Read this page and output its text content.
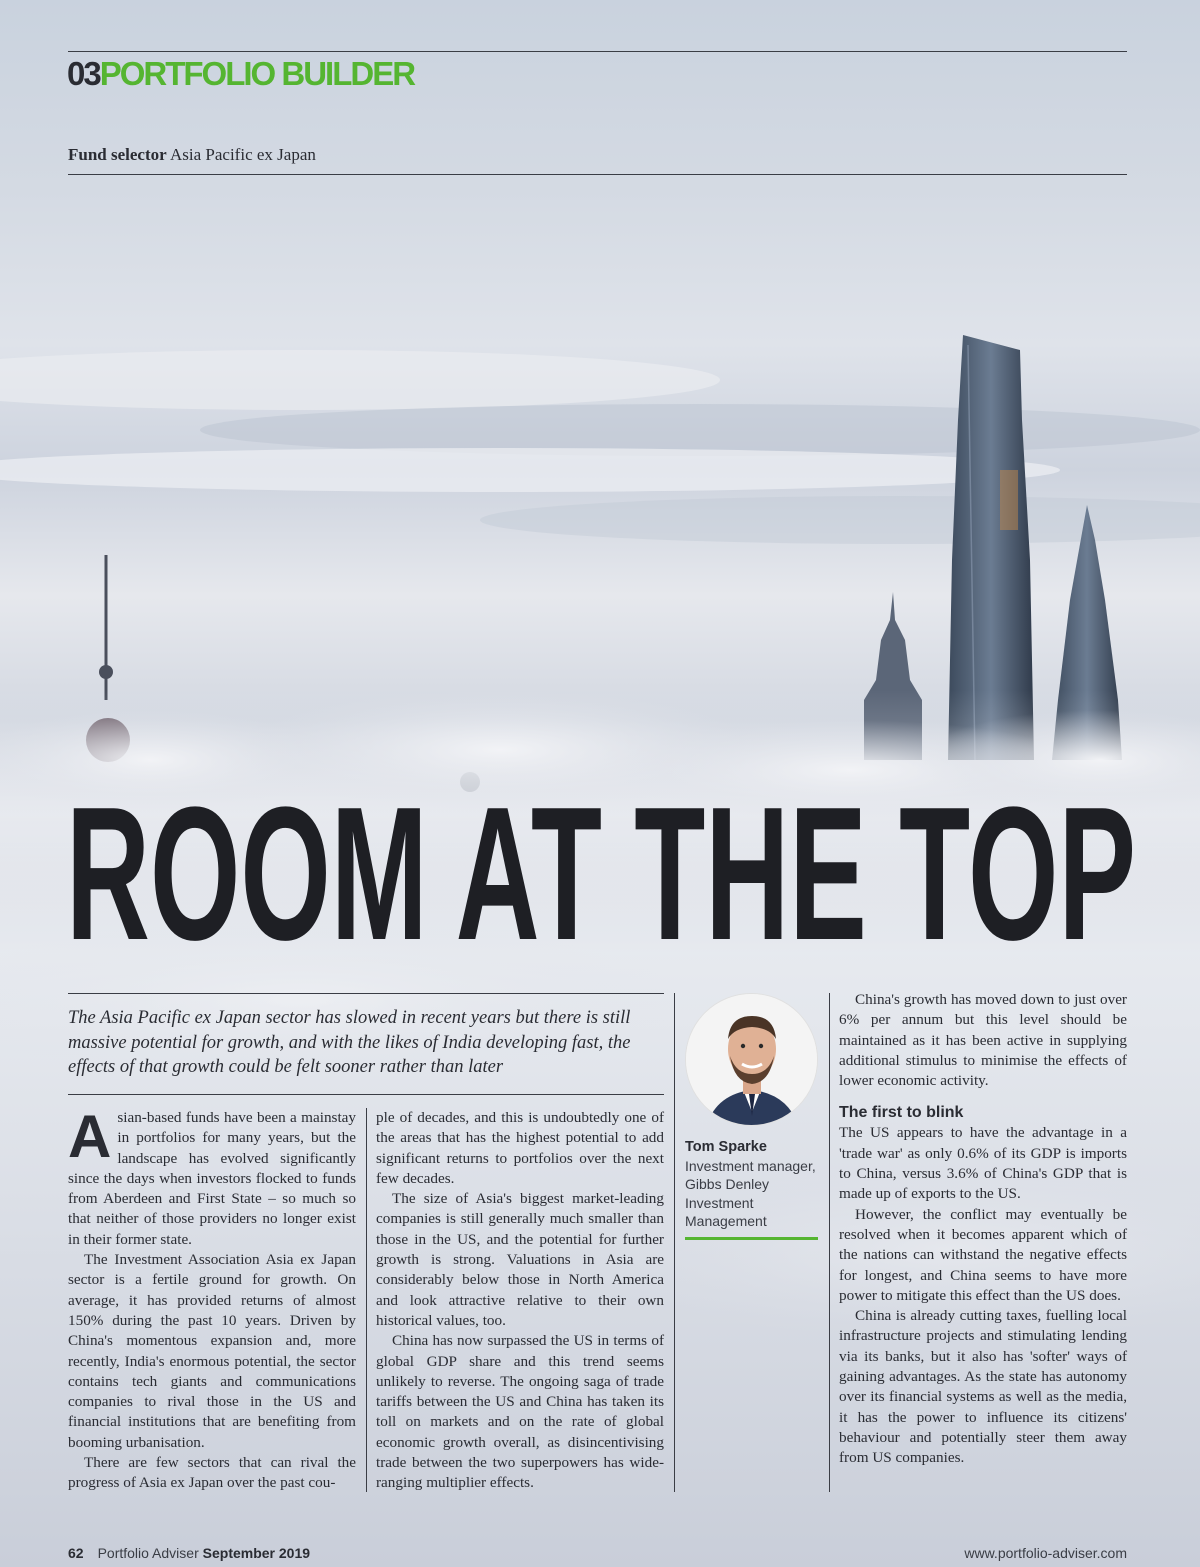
03PORTFOLIO BUILDER
Fund selector Asia Pacific ex Japan
ROOM AT THE TOP
The Asia Pacific ex Japan sector has slowed in recent years but there is still massive potential for growth, and with the likes of India developing fast, the effects of that growth could be felt sooner rather than later

Asian-based funds have been a mainstay in portfolios for many years, but the landscape has evolved significantly since the days when investors flocked to funds from Aberdeen and First State – so much so that neither of those providers no longer exist in their former state.

The Investment Association Asia ex Japan sector is a fertile ground for growth. On average, it has provided returns of almost 150% during the past 10 years. Driven by China's momentous expansion and, more recently, India's enormous potential, the sector contains tech giants and communications companies to rival those in the US and financial institutions that are benefiting from booming urbanisation.

There are few sectors that can rival the progress of Asia ex Japan over the past cou-

ple of decades, and this is undoubtedly one of the areas that has the highest potential to add significant returns to portfolios over the next few decades.

The size of Asia's biggest market-leading companies is still generally much smaller than those in the US, and the potential for further growth is strong. Valuations in Asia are considerably below those in North America and look attractive relative to their own historical values, too.

China has now surpassed the US in terms of global GDP share and this trend seems unlikely to reverse. The ongoing saga of trade tariffs between the US and China has taken its toll on markets and on the rate of global economic growth overall, as disincentivising trade between the two superpowers has wide-ranging multiplier effects.

Tom Sparke
Investment manager, Gibbs Denley Investment Management

China's growth has moved down to just over 6% per annum but this level should be maintained as it has been active in supplying additional stimulus to minimise the effects of lower economic activity.

The first to blink

The US appears to have the advantage in a 'trade war' as only 0.6% of its GDP is imports to China, versus 3.6% of China's GDP that is made up of exports to the US.

However, the conflict may eventually be resolved when it becomes apparent which of the nations can withstand the negative effects for longest, and China seems to have more power to mitigate this effect than the US does.

China is already cutting taxes, fuelling local infrastructure projects and stimulating lending via its banks, but it also has 'softer' ways of gaining advantages. As the state has autonomy over its financial systems as well as the media, it has the power to influence its citizens' behaviour and potentially steer them away from US companies.

62 Portfolio Adviser September 2019	www.portfolio-adviser.com
